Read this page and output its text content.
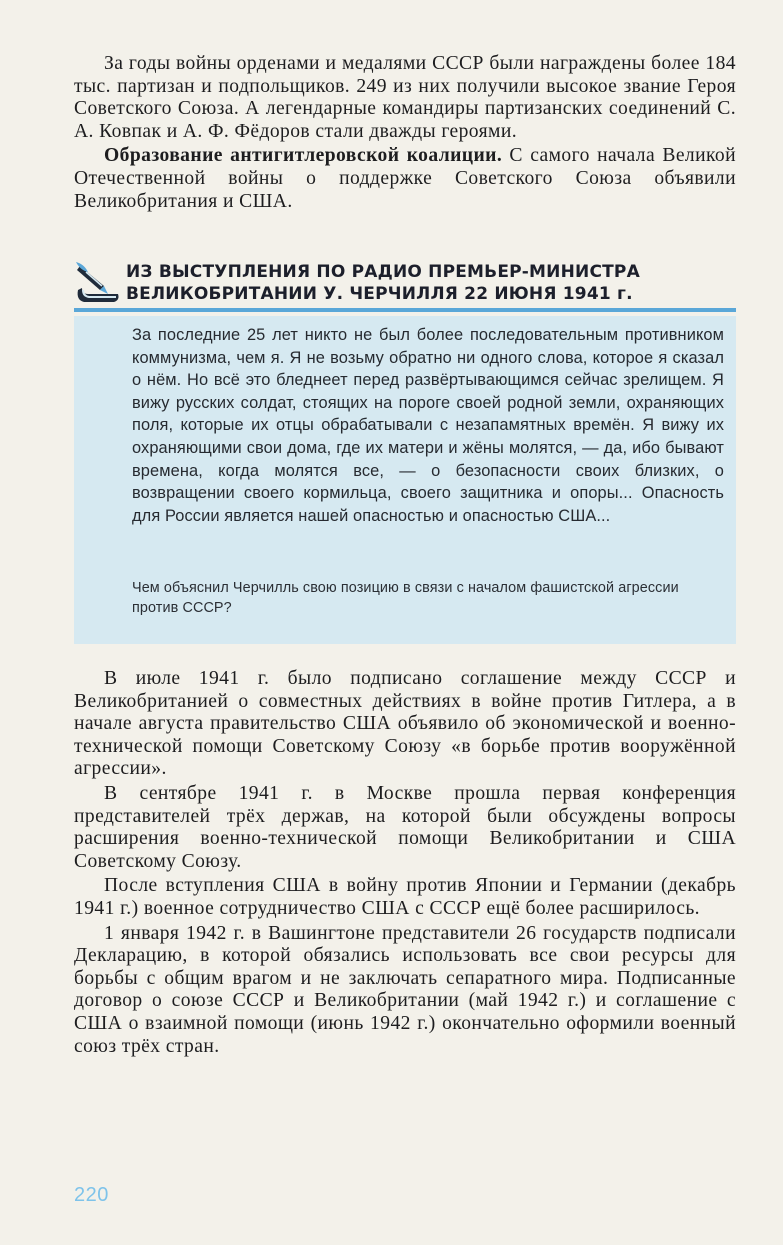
За годы войны орденами и медалями СССР были награждены более 184 тыс. партизан и подпольщиков. 249 из них получили высокое звание Героя Советского Союза. А легендарные командиры партизанских соединений С. А. Ковпак и А. Ф. Фёдоров стали дважды героями.

Образование антигитлеровской коалиции. С самого начала Великой Отечественной войны о поддержке Советского Союза объявили Великобритания и США.

ИЗ ВЫСТУПЛЕНИЯ ПО РАДИО ПРЕМЬЕР-МИНИСТРА
ВЕЛИКОБРИТАНИИ У. ЧЕРЧИЛЛЯ 22 ИЮНЯ 1941 г.
За последние 25 лет никто не был более последовательным противником коммунизма, чем я. Я не возьму обратно ни одного слова, которое я сказал о нём. Но всё это бледнеет перед развёртывающимся сейчас зрелищем. Я вижу русских солдат, стоящих на пороге своей родной земли, охраняющих поля, которые их отцы обрабатывали с незапамятных времён. Я вижу их охраняющими свои дома, где их матери и жёны молятся, — да, ибо бывают времена, когда молятся все, — о безопасности своих близких, о возвращении своего кормильца, своего защитника и опоры... Опасность для России является нашей опасностью и опасностью США...
Чем объяснил Черчилль свою позицию в связи с началом фашистской агрессии против СССР?

В июле 1941 г. было подписано соглашение между СССР и Великобританией о совместных действиях в войне против Гитлера, а в начале августа правительство США объявило об экономической и военно-технической помощи Советскому Союзу «в борьбе против вооружённой агрессии».

В сентябре 1941 г. в Москве прошла первая конференция представителей трёх держав, на которой были обсуждены вопросы расширения военно-технической помощи Великобритании и США Советскому Союзу.

После вступления США в войну против Японии и Германии (декабрь 1941 г.) военное сотрудничество США с СССР ещё более расширилось.

1 января 1942 г. в Вашингтоне представители 26 государств подписали Декларацию, в которой обязались использовать все свои ресурсы для борьбы с общим врагом и не заключать сепаратного мира. Подписанные договор о союзе СССР и Великобритании (май 1942 г.) и соглашение с США о взаимной помощи (июнь 1942 г.) окончательно оформили военный союз трёх стран.

220
